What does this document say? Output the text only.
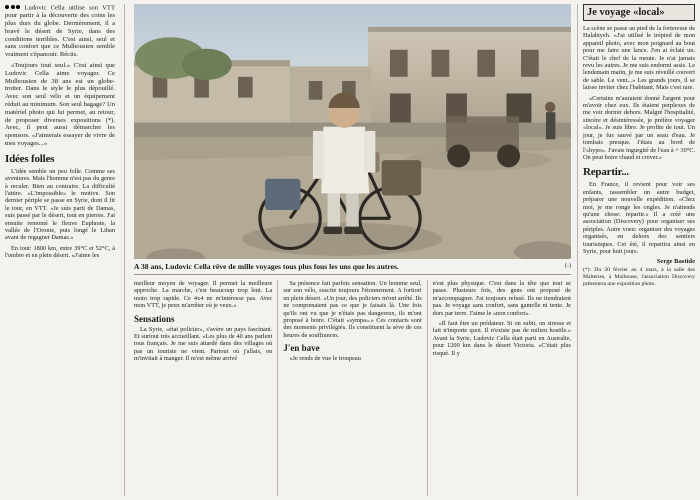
Ludovic Cella utilise son VTT pour partir à la découverte des coins les plus durs du globe. Dernièrement, il a bravé le désert de Syrie, dans des conditions terribles. C'est ainsi, seul et sans confort que ce Mulhousien semble vraiment s'épanouir. Récits.

«Toujours tout seul.» C'est ainsi que Ludovic Cella aime voyager. Ce Mulhousien de 38 ans est un globe-trotter. Dans le style le plus dépouillé. Avec son seul vélo et un équipement réduit au minimum. Son seul bagage? Un matériel photo qui lui permet, au retour, de proposer diverses expositions (*). Avec, il peut aussi démarcher les sponsors. «J'aimerais essayer de vivre de mes voyages...»

Idées folles

L'idée semble un peu folle. Comme ses aventures. Mais l'homme n'est pas du genre à reculer. Bien au contraire. La difficulté l'attire. «L'impossible» le motive. Son dernier périple se passe en Syrie, dont il fit le tour, en VTT. «Je suis parti de Damas, suis passé par le désert, tout en pierres. J'ai ensuite remonté le fleuve Euphrate, la vallée de l'Oronte, puis longé le Liban avant de regagner Damas.»

En tout: 1800 km, entre 39°C et 52°C, à l'ombre et en plein désert. «J'aime les

(-)
A 38 ans, Ludovic Cella rêve de mille voyages tous plus fous les uns que les autres.

meilleur moyen de voyager. Il permet la meilleure approche. La marche, c'est beaucoup trop lent. La moto trop rapide. Ce 4x4 ne m'intéresse pas. Avec mon VTT, je peux m'arrêter où je veux.»

Sensations

La Syrie, «état policier», s'avère un pays fascinant. Et surtout très accueillant. «Les plus de 40 ans parlent tous français. Je me suis attardé dans des villages où pas un touriste ne vient. Partout où j'allais, on m'invitait à manger. Il m'est même arrivé

Sa présence fait parfois sensation. Un homme seul, sur son vélo, suscite toujours l'étonnement. A fortiori en plein désert. «Un jour, des policiers m'ont arrêté. Ils ne comprenaient pas ce que je faisais là. Une fois qu'ils ont vu que je n'étais pas dangereux, ils m'ont proposé à boire. C'était «sympa».» Ces contacts sont des moments privilégiés. Ils constituent la sève de ces heures de souffrances.

J'en bave

«Je rends de vue le troupeau

n'est plus physique. C'est dans la tête que tout se passe. Plusieurs fois, des gens ont proposé de m'accompagner. J'ai toujours refusé. Ils ne tiendraient pas. Je voyage sans confort, sans gamelle ni tente. Je dors par terre. J'aime le «non confort».

«Il faut être un prédateur. Si on subit, on stresse et fait n'importe quoi. Il n'existe pas de milieu hostile.» Avant la Syrie, Ludovic Cella était parti en Australie, pour 1200 km dans le désert Victoria. «C'était plus risqué. Il y

Je voyage «local»

La scène se passe au pied de la forteresse de Halabiyeh. «J'ai utilisé le trépied de mon appareil photo, avec mon poignard au bout pour me faire une lance. J'en ai éclaté un. C'était le chef de la meute. Je n'ai jamais revu les autres. Je me suis endormi assis. Le lendemain matin, je me suis réveillé couvert de sable. Le vent...» Les grands jours, il se laisse inviter chez l'habitant. Mais c'est rare.

«Certains m'auraient donné l'argent pour m'avoir chez eux. Ils étaient perplexes de me voir dormir dehors. Malgré l'hospitalité, sincère et désintéressée, je préfère voyager «local». Je suis libre. Je profite de tout. Un jour, je fus sauvé par un seau d'eau. Je tombais presque. J'étais au bord de l'«hypo». J'avais ingurgité de l'eau à + 30°C. On peut boire chaud et crever.»

Repartir...

En France, il revient pour voir ses enfants, rassembler un autre budget, préparer une nouvelle expédition. «Chez moi, je me ronge les ongles. Je n'attends qu'une chose: repartir.» Il a créé une association (Discovery) pour organiser ses périples. Autre voeu: organiser des voyages organisés, en dehors des sentiers touristiques. Cet été, il repartira ainsi en Syrie, pour huit jours.

Serge Bastide
(*): Du 20 février au 4 mars, à la salle des Malteries, à Mulhouse, l'association Discovery présentera une exposition photo.
